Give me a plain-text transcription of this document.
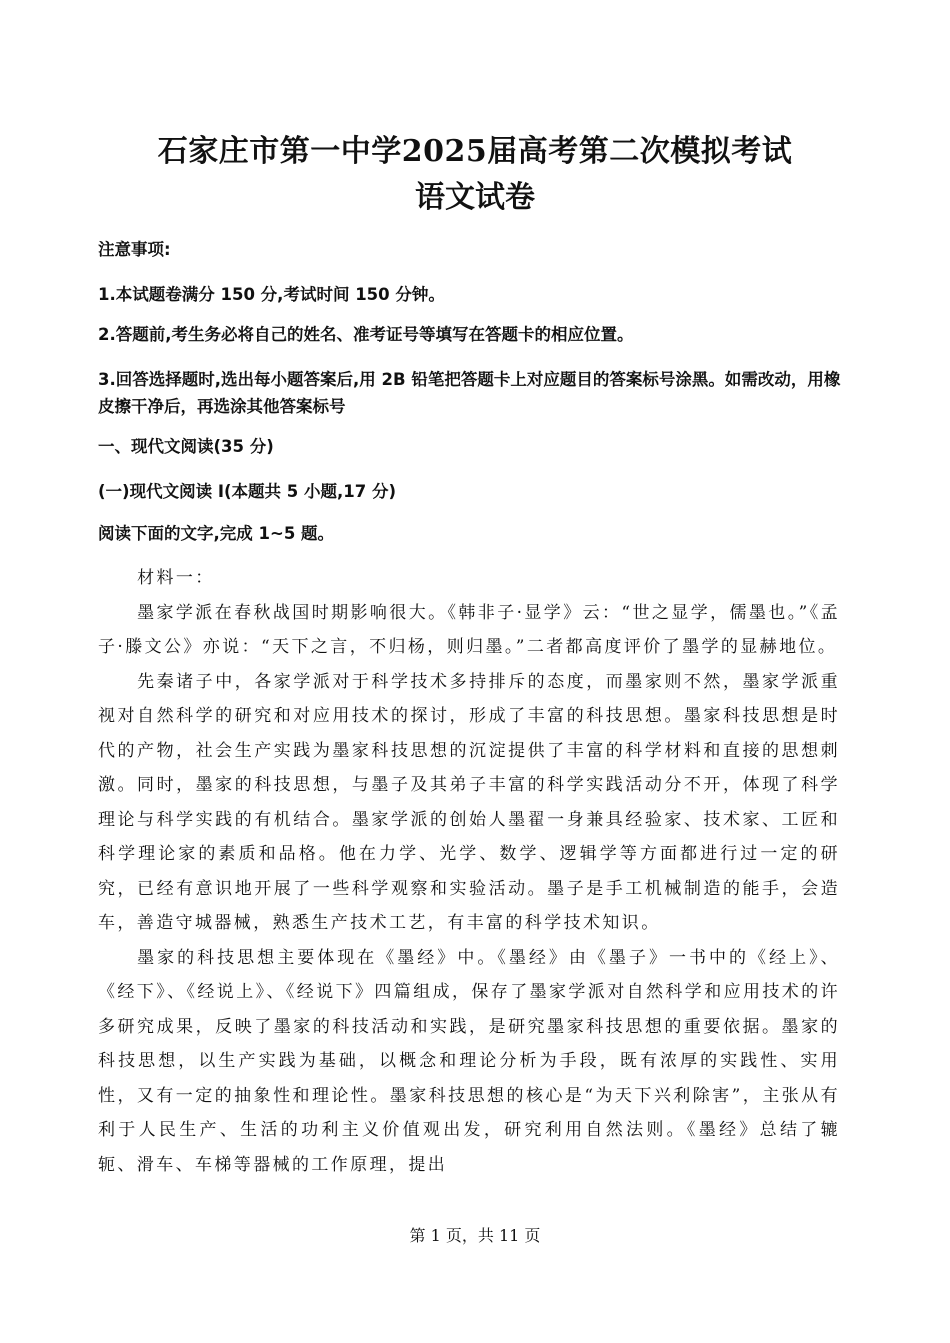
石家庄市第一中学2025届高考第二次模拟考试
语文试卷
注意事项:
1.本试题卷满分 150 分,考试时间 150 分钟。
2.答题前,考生务必将自己的姓名、准考证号等填写在答题卡的相应位置。
3.回答选择题时,选出每小题答案后,用 2B 铅笔把答题卡上对应题目的答案标号涂黑。如需改动，用橡皮擦干净后，再选涂其他答案标号
一、现代文阅读(35 分)
(一)现代文阅读 I(本题共 5 小题,17 分)
阅读下面的文字,完成 1~5 题。

材料一：

墨家学派在春秋战国时期影响很大。《韩非子·显学》云：“世之显学，儒墨也。”《孟子·滕文公》亦说：“天下之言，不归杨，则归墨。”二者都高度评价了墨学的显赫地位。

先秦诸子中，各家学派对于科学技术多持排斥的态度，而墨家则不然，墨家学派重视对自然科学的研究和对应用技术的探讨，形成了丰富的科技思想。墨家科技思想是时代的产物，社会生产实践为墨家科技思想的沉淀提供了丰富的科学材料和直接的思想刺激。同时，墨家的科技思想，与墨子及其弟子丰富的科学实践活动分不开，体现了科学理论与科学实践的有机结合。墨家学派的创始人墨翟一身兼具经验家、技术家、工匠和科学理论家的素质和品格。他在力学、光学、数学、逻辑学等方面都进行过一定的研究，已经有意识地开展了一些科学观察和实验活动。墨子是手工机械制造的能手，会造车，善造守城器械，熟悉生产技术工艺，有丰富的科学技术知识。

墨家的科技思想主要体现在《墨经》中。《墨经》由《墨子》一书中的《经上》、《经下》、《经说上》、《经说下》四篇组成，保存了墨家学派对自然科学和应用技术的许多研究成果，反映了墨家的科技活动和实践，是研究墨家科技思想的重要依据。墨家的科技思想，以生产实践为基础，以概念和理论分析为手段，既有浓厚的实践性、实用性，又有一定的抽象性和理论性。墨家科技思想的核心是“为天下兴利除害”，主张从有利于人民生产、生活的功利主义价值观出发，研究利用自然法则。《墨经》总结了辘轭、滑车、车梯等器械的工作原理，提出

第 1 页，共 11 页
